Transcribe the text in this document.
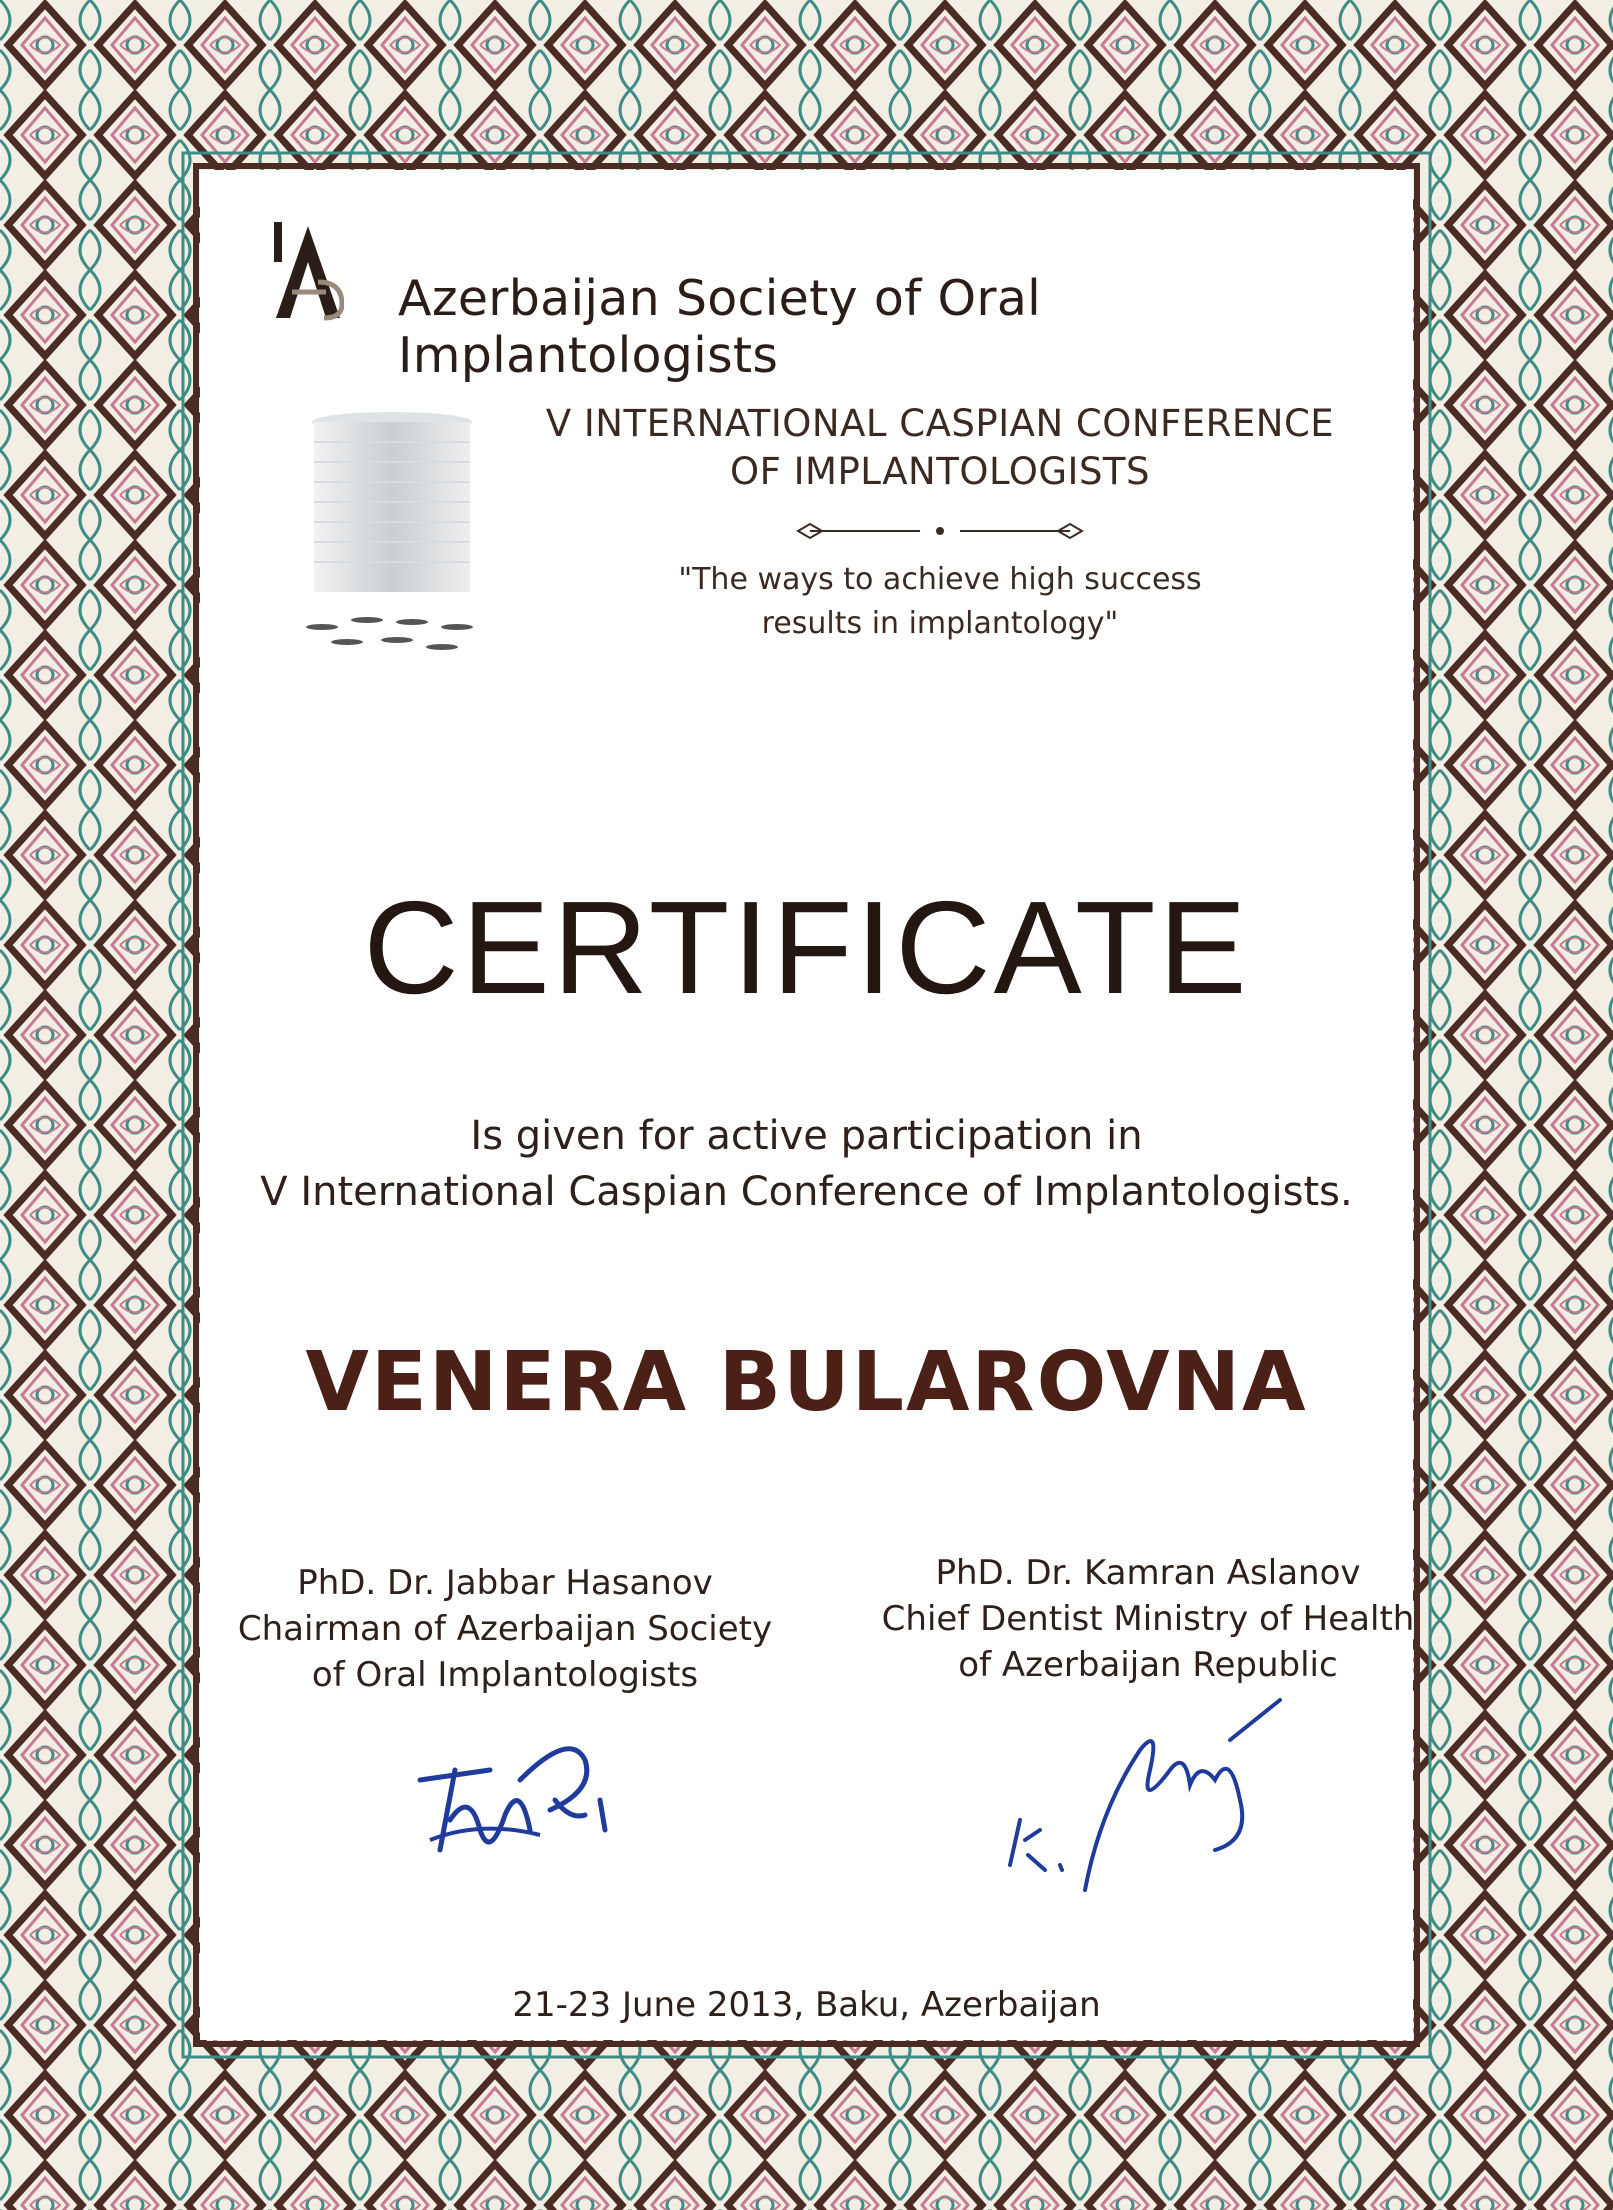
Azerbaijan Society of Oral Implantologists
V INTERNATIONAL CASPIAN CONFERENCE
OF IMPLANTOLOGISTS
"The ways to achieve high success
results in implantology"
CERTIFICATE
Is given for active participation in
V International Caspian Conference of Implantologists.
VENERA BULAROVNA
PhD. Dr. Jabbar Hasanov
Chairman of Azerbaijan Society
of Oral Implantologists
PhD. Dr. Kamran Aslanov
Chief Dentist Ministry of Health
of Azerbaijan Republic
21-23 June 2013, Baku, Azerbaijan
